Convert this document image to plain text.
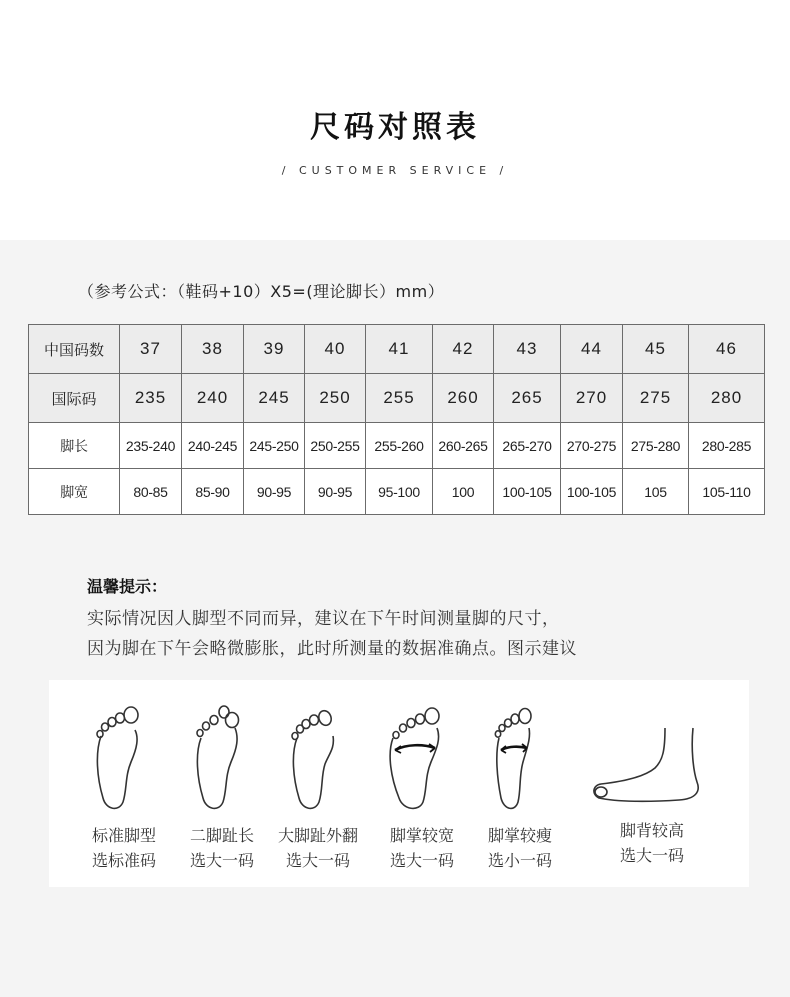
尺码对照表
/ CUSTOMER SERVICE /
（参考公式：（鞋码+10）X5=(理论脚长）mm）
中国码数	37	38	39	40	41	42	43	44	45	46
国际码	235	240	245	250	255	260	265	270	275	280
脚长	235-240	240-245	245-250	250-255	255-260	260-265	265-270	270-275	275-280	280-285
脚宽	80-85	85-90	90-95	90-95	95-100	100	100-105	100-105	105	105-110
温馨提示：
实际情况因人脚型不同而异，建议在下午时间测量脚的尺寸，
因为脚在下午会略微膨胀，此时所测量的数据准确点。图示建议
标准脚型
选标准码
二脚趾长
选大一码
大脚趾外翻
选大一码
脚掌较宽
选大一码
脚掌较瘦
选小一码
脚背较高
选大一码
